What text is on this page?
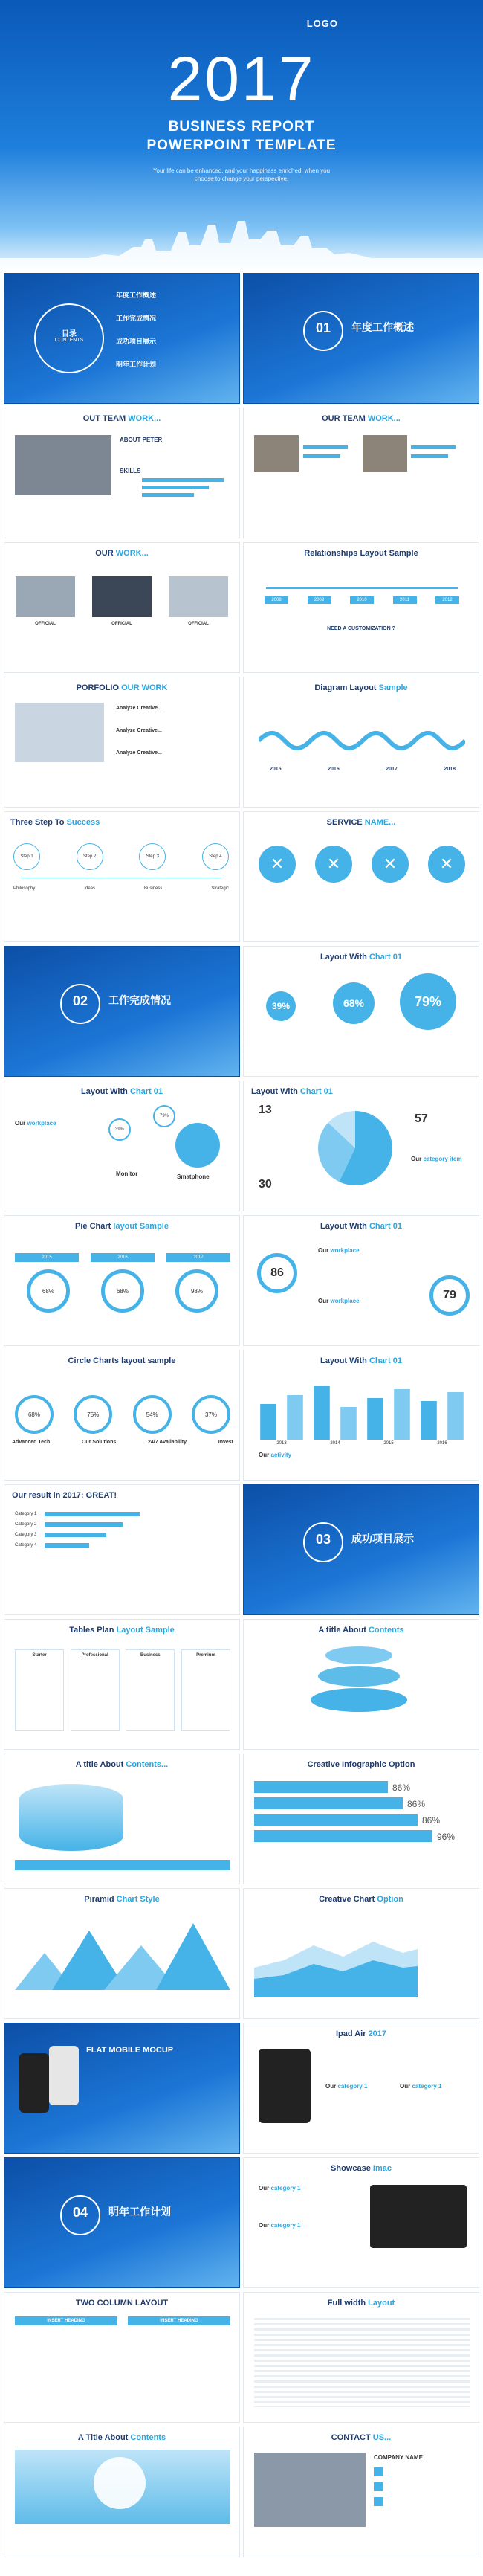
LOGO
2017
BUSINESS REPORT
POWERPOINT TEMPLATE
Your life can be enhanced, and your happiness enriched, when you choose to change your perspective.
目录
CONTENTS
年度工作概述
工作完成情况
成功项目展示
明年工作计划
01	年度工作概述
OUT TEAM WORK...
ABOUT PETER
SKILLS
OUR TEAM WORK...
OUR WORK...
OFFICIAL	OFFICIAL	OFFICIAL
Relationships Layout Sample
2008	2009	2010	2011	2012
NEED A CUSTOMIZATION ?
PORFOLIO OUR WORK
Analyze Creative...
Analyze Creative...
Analyze Creative...
Diagram Layout Sample
2015	2016	2017	2018
Three Step To Success
Step 1	Step 2	Step 3	Step 4
Philosophy	Ideas	Business	Strategic
SERVICE NAME...
✕	✕	✕	✕
02	工作完成情况
Layout With Chart 01
39%	68%	79%
Layout With Chart 01
Our workplace
39%
79%
Monitor	Smatphone
Layout With Chart 01
13
57
30
Our category item
Pie Chart layout Sample
2015	2016	2017
68%	68%	98%
Layout With Chart 01
86
79
Our workplace
Our workplace
Circle Charts layout sample
68%	75%	54%	37%
Advanced Tech	Our Solutions	24/7 Availability	Invest
Layout With Chart 01
2013	2014	2015	2016
Our activity
Our result in 2017: GREAT!
Category 1
Category 2
Category 3
Category 4	03	成功项目展示
Tables Plan Layout Sample
Starter	Professional	Business	Premium
A title About Contents
A title About Contents...	Creative Infographic Option
86%
86%
86%
96%
Piramid Chart Style	Creative Chart Option
FLAT MOBILE MOCUP
Ipad Air 2017
Our category 1	Our category 1
04	明年工作计划
Showcase Imac
Our category 1
Our category 1
TWO COLUMN LAYOUT
INSERT HEADING	INSERT HEADING
Full width Layout
A Title About Contents	CONTACT US...
COMPANY NAME
